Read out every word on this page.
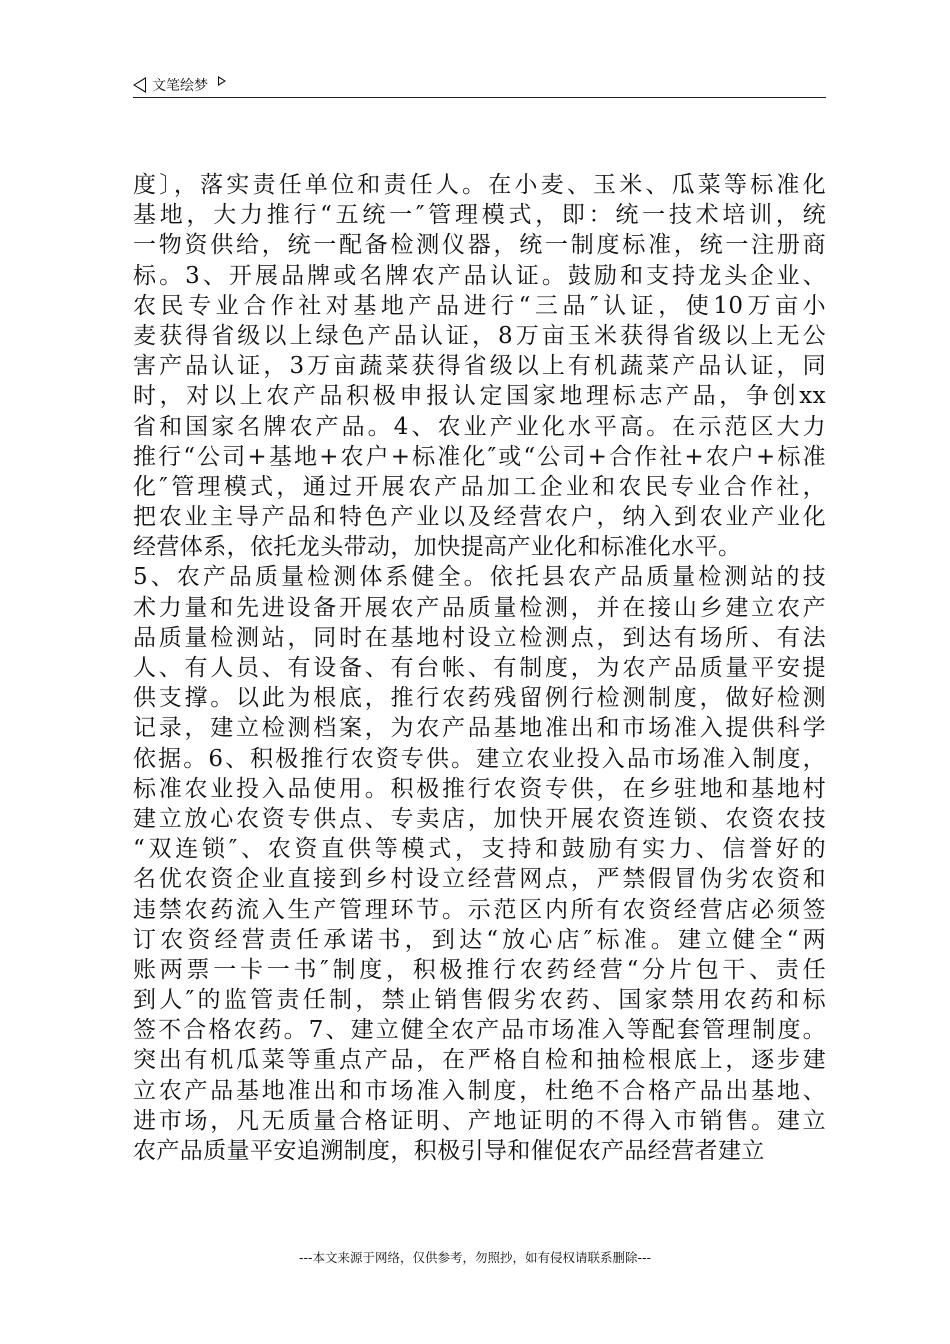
文笔绘梦
度〕，落实责任单位和责任人。在小麦、玉米、瓜菜等标准化
基地，大力推行“五统一″管理模式，即：统一技术培训，统
一物资供给，统一配备检测仪器，统一制度标准，统一注册商
标。3、开展品牌或名牌农产品认证。鼓励和支持龙头企业、
农民专业合作社对基地产品进行“三品″认证，使10万亩小
麦获得省级以上绿色产品认证，8万亩玉米获得省级以上无公
害产品认证，3万亩蔬菜获得省级以上有机蔬菜产品认证，同
时，对以上农产品积极申报认定国家地理标志产品，争创xx
省和国家名牌农产品。4、农业产业化水平高。在示范区大力
推行“公司+基地+农户+标准化″或“公司+合作社+农户+标准
化″管理模式，通过开展农产品加工企业和农民专业合作社，
把农业主导产品和特色产业以及经营农户，纳入到农业产业化
经营体系，依托龙头带动，加快提高产业化和标准化水平。
5、农产品质量检测体系健全。依托县农产品质量检测站的技
术力量和先进设备开展农产品质量检测，并在接山乡建立农产
品质量检测站，同时在基地村设立检测点，到达有场所、有法
人、有人员、有设备、有台帐、有制度，为农产品质量平安提
供支撑。以此为根底，推行农药残留例行检测制度，做好检测
记录，建立检测档案，为农产品基地准出和市场准入提供科学
依据。6、积极推行农资专供。建立农业投入品市场准入制度，
标准农业投入品使用。积极推行农资专供，在乡驻地和基地村
建立放心农资专供点、专卖店，加快开展农资连锁、农资农技
“双连锁″、农资直供等模式，支持和鼓励有实力、信誉好的
名优农资企业直接到乡村设立经营网点，严禁假冒伪劣农资和
违禁农药流入生产管理环节。示范区内所有农资经营店必须签
订农资经营责任承诺书，到达“放心店″标准。建立健全“两
账两票一卡一书″制度，积极推行农药经营“分片包干、责任
到人″的监管责任制，禁止销售假劣农药、国家禁用农药和标
签不合格农药。7、建立健全农产品市场准入等配套管理制度。
突出有机瓜菜等重点产品，在严格自检和抽检根底上，逐步建
立农产品基地准出和市场准入制度，杜绝不合格产品出基地、
进市场，凡无质量合格证明、产地证明的不得入市销售。建立
农产品质量平安追溯制度，积极引导和催促农产品经营者建立
---本文来源于网络，仅供参考，勿照抄，如有侵权请联系删除---
